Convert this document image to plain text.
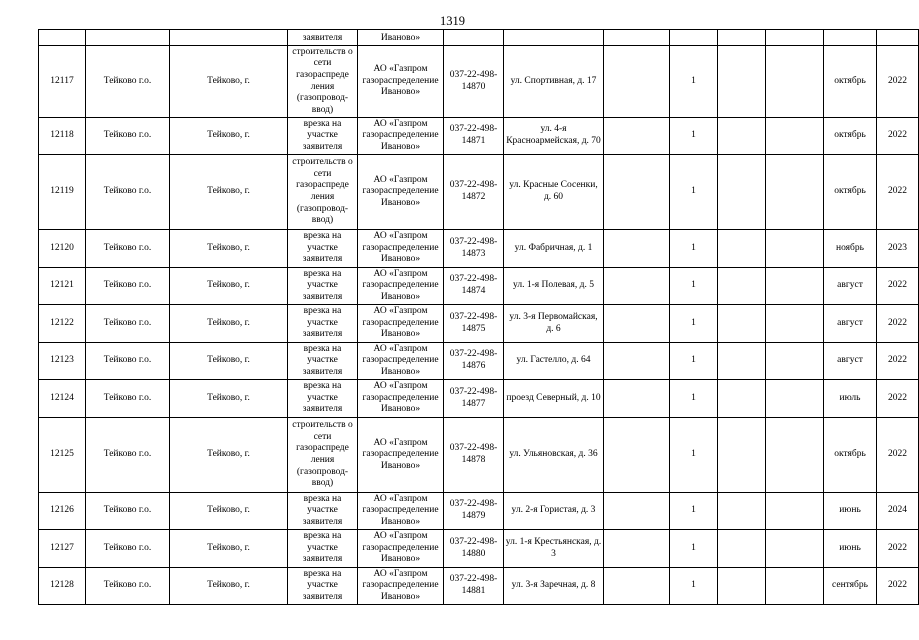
1319
			заявителя	Иваново»								
12117	Тейково г.о.	Тейково, г.	строительств о сети газораспреде ления (газопровод-ввод)	АО «Газпром газораспределение Иваново»	037-22-498-14870	ул. Спортивная, д. 17		1			октябрь	2022
12118	Тейково г.о.	Тейково, г.	врезка на участке заявителя	АО «Газпром газораспределение Иваново»	037-22-498-14871	ул. 4-я Красноармейская, д. 70		1			октябрь	2022
12119	Тейково г.о.	Тейково, г.	строительств о сети газораспреде ления (газопровод-ввод)	АО «Газпром газораспределение Иваново»	037-22-498-14872	ул. Красные Сосенки, д. 60		1			октябрь	2022
12120	Тейково г.о.	Тейково, г.	врезка на участке заявителя	АО «Газпром газораспределение Иваново»	037-22-498-14873	ул. Фабричная, д. 1		1			ноябрь	2023
12121	Тейково г.о.	Тейково, г.	врезка на участке заявителя	АО «Газпром газораспределение Иваново»	037-22-498-14874	ул. 1-я Полевая, д. 5		1			август	2022
12122	Тейково г.о.	Тейково, г.	врезка на участке заявителя	АО «Газпром газораспределение Иваново»	037-22-498-14875	ул. 3-я Первомайская, д. 6		1			август	2022
12123	Тейково г.о.	Тейково, г.	врезка на участке заявителя	АО «Газпром газораспределение Иваново»	037-22-498-14876	ул. Гастелло, д. 64		1			август	2022
12124	Тейково г.о.	Тейково, г.	врезка на участке заявителя	АО «Газпром газораспределение Иваново»	037-22-498-14877	проезд Северный, д. 10		1			июль	2022
12125	Тейково г.о.	Тейково, г.	строительств о сети газораспреде ления (газопровод-ввод)	АО «Газпром газораспределение Иваново»	037-22-498-14878	ул. Ульяновская, д. 36		1			октябрь	2022
12126	Тейково г.о.	Тейково, г.	врезка на участке заявителя	АО «Газпром газораспределение Иваново»	037-22-498-14879	ул. 2-я Гористая, д. 3		1			июнь	2024
12127	Тейково г.о.	Тейково, г.	врезка на участке заявителя	АО «Газпром газораспределение Иваново»	037-22-498-14880	ул. 1-я Крестьянская, д. 3		1			июнь	2022
12128	Тейково г.о.	Тейково, г.	врезка на участке заявителя	АО «Газпром газораспределение Иваново»	037-22-498-14881	ул. 3-я Заречная, д. 8		1			сентябрь	2022
